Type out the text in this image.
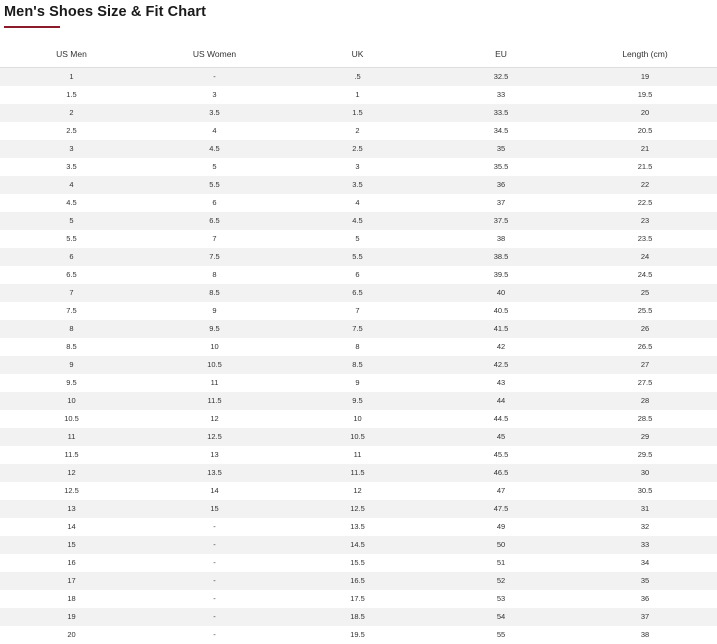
Men's Shoes Size & Fit Chart
US Men	US Women	UK	EU	Length (cm)
1	-	.5	32.5	19
1.5	3	1	33	19.5
2	3.5	1.5	33.5	20
2.5	4	2	34.5	20.5
3	4.5	2.5	35	21
3.5	5	3	35.5	21.5
4	5.5	3.5	36	22
4.5	6	4	37	22.5
5	6.5	4.5	37.5	23
5.5	7	5	38	23.5
6	7.5	5.5	38.5	24
6.5	8	6	39.5	24.5
7	8.5	6.5	40	25
7.5	9	7	40.5	25.5
8	9.5	7.5	41.5	26
8.5	10	8	42	26.5
9	10.5	8.5	42.5	27
9.5	11	9	43	27.5
10	11.5	9.5	44	28
10.5	12	10	44.5	28.5
11	12.5	10.5	45	29
11.5	13	11	45.5	29.5
12	13.5	11.5	46.5	30
12.5	14	12	47	30.5
13	15	12.5	47.5	31
14	-	13.5	49	32
15	-	14.5	50	33
16	-	15.5	51	34
17	-	16.5	52	35
18	-	17.5	53	36
19	-	18.5	54	37
20	-	19.5	55	38
